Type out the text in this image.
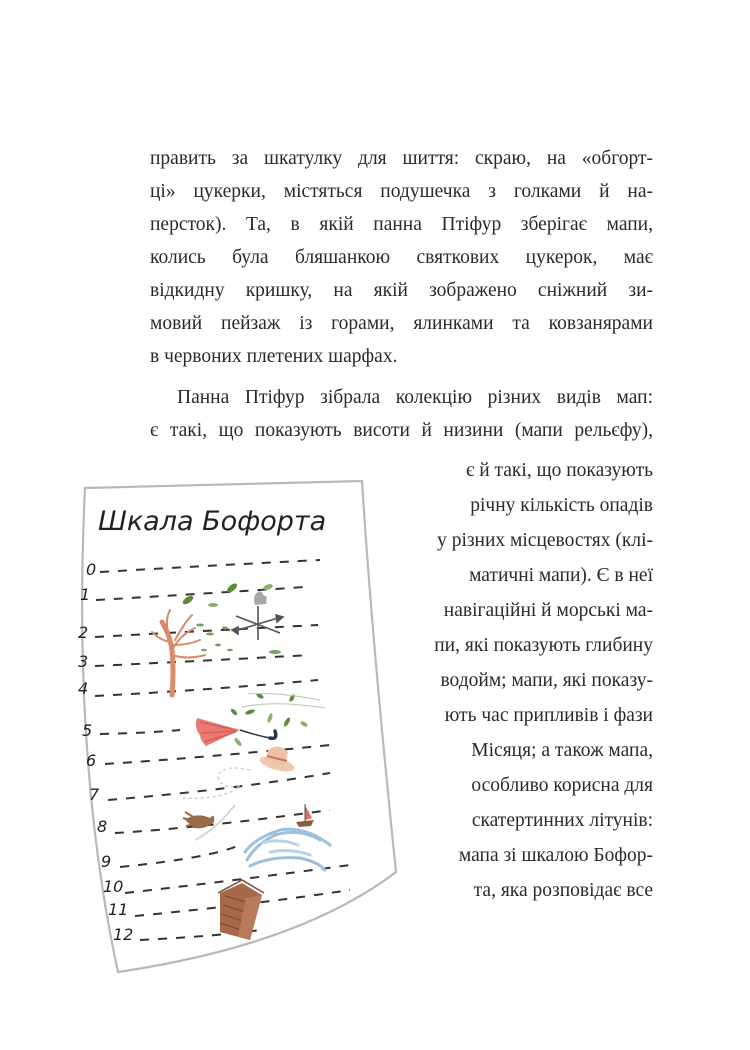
править за шкатулку для шиття: скраю, на «обгорт-
ці» цукерки, містяться подушечка з голками й на-
персток). Та, в якій панна Птіфур зберігає мапи,
колись була бляшанкою святкових цукерок, має
відкидну кришку, на якій зображено сніжний зи-
мовий пейзаж із горами, ялинками та ковзанярами
в червоних плетених шарфах.
Панна Птіфур зібрала колекцію різних видів мап:
є такі, що показують висоти й низини (мапи рельєфу),
є й такі, що показують
річну кількість опадів
у різних місцевостях (клі-
матичні мапи). Є в неї
навігаційні й морські ма-
пи, які показують глибину
водойм; мапи, які показу-
ють час припливів і фази
Місяця; а також мапа,
особливо корисна для
скатертинних літунів:
мапа зі шкалою Бофор-
та, яка розповідає все
Шкала Бофорта
0
1
2
3
4
5
6
7
8
9
10
11
12
